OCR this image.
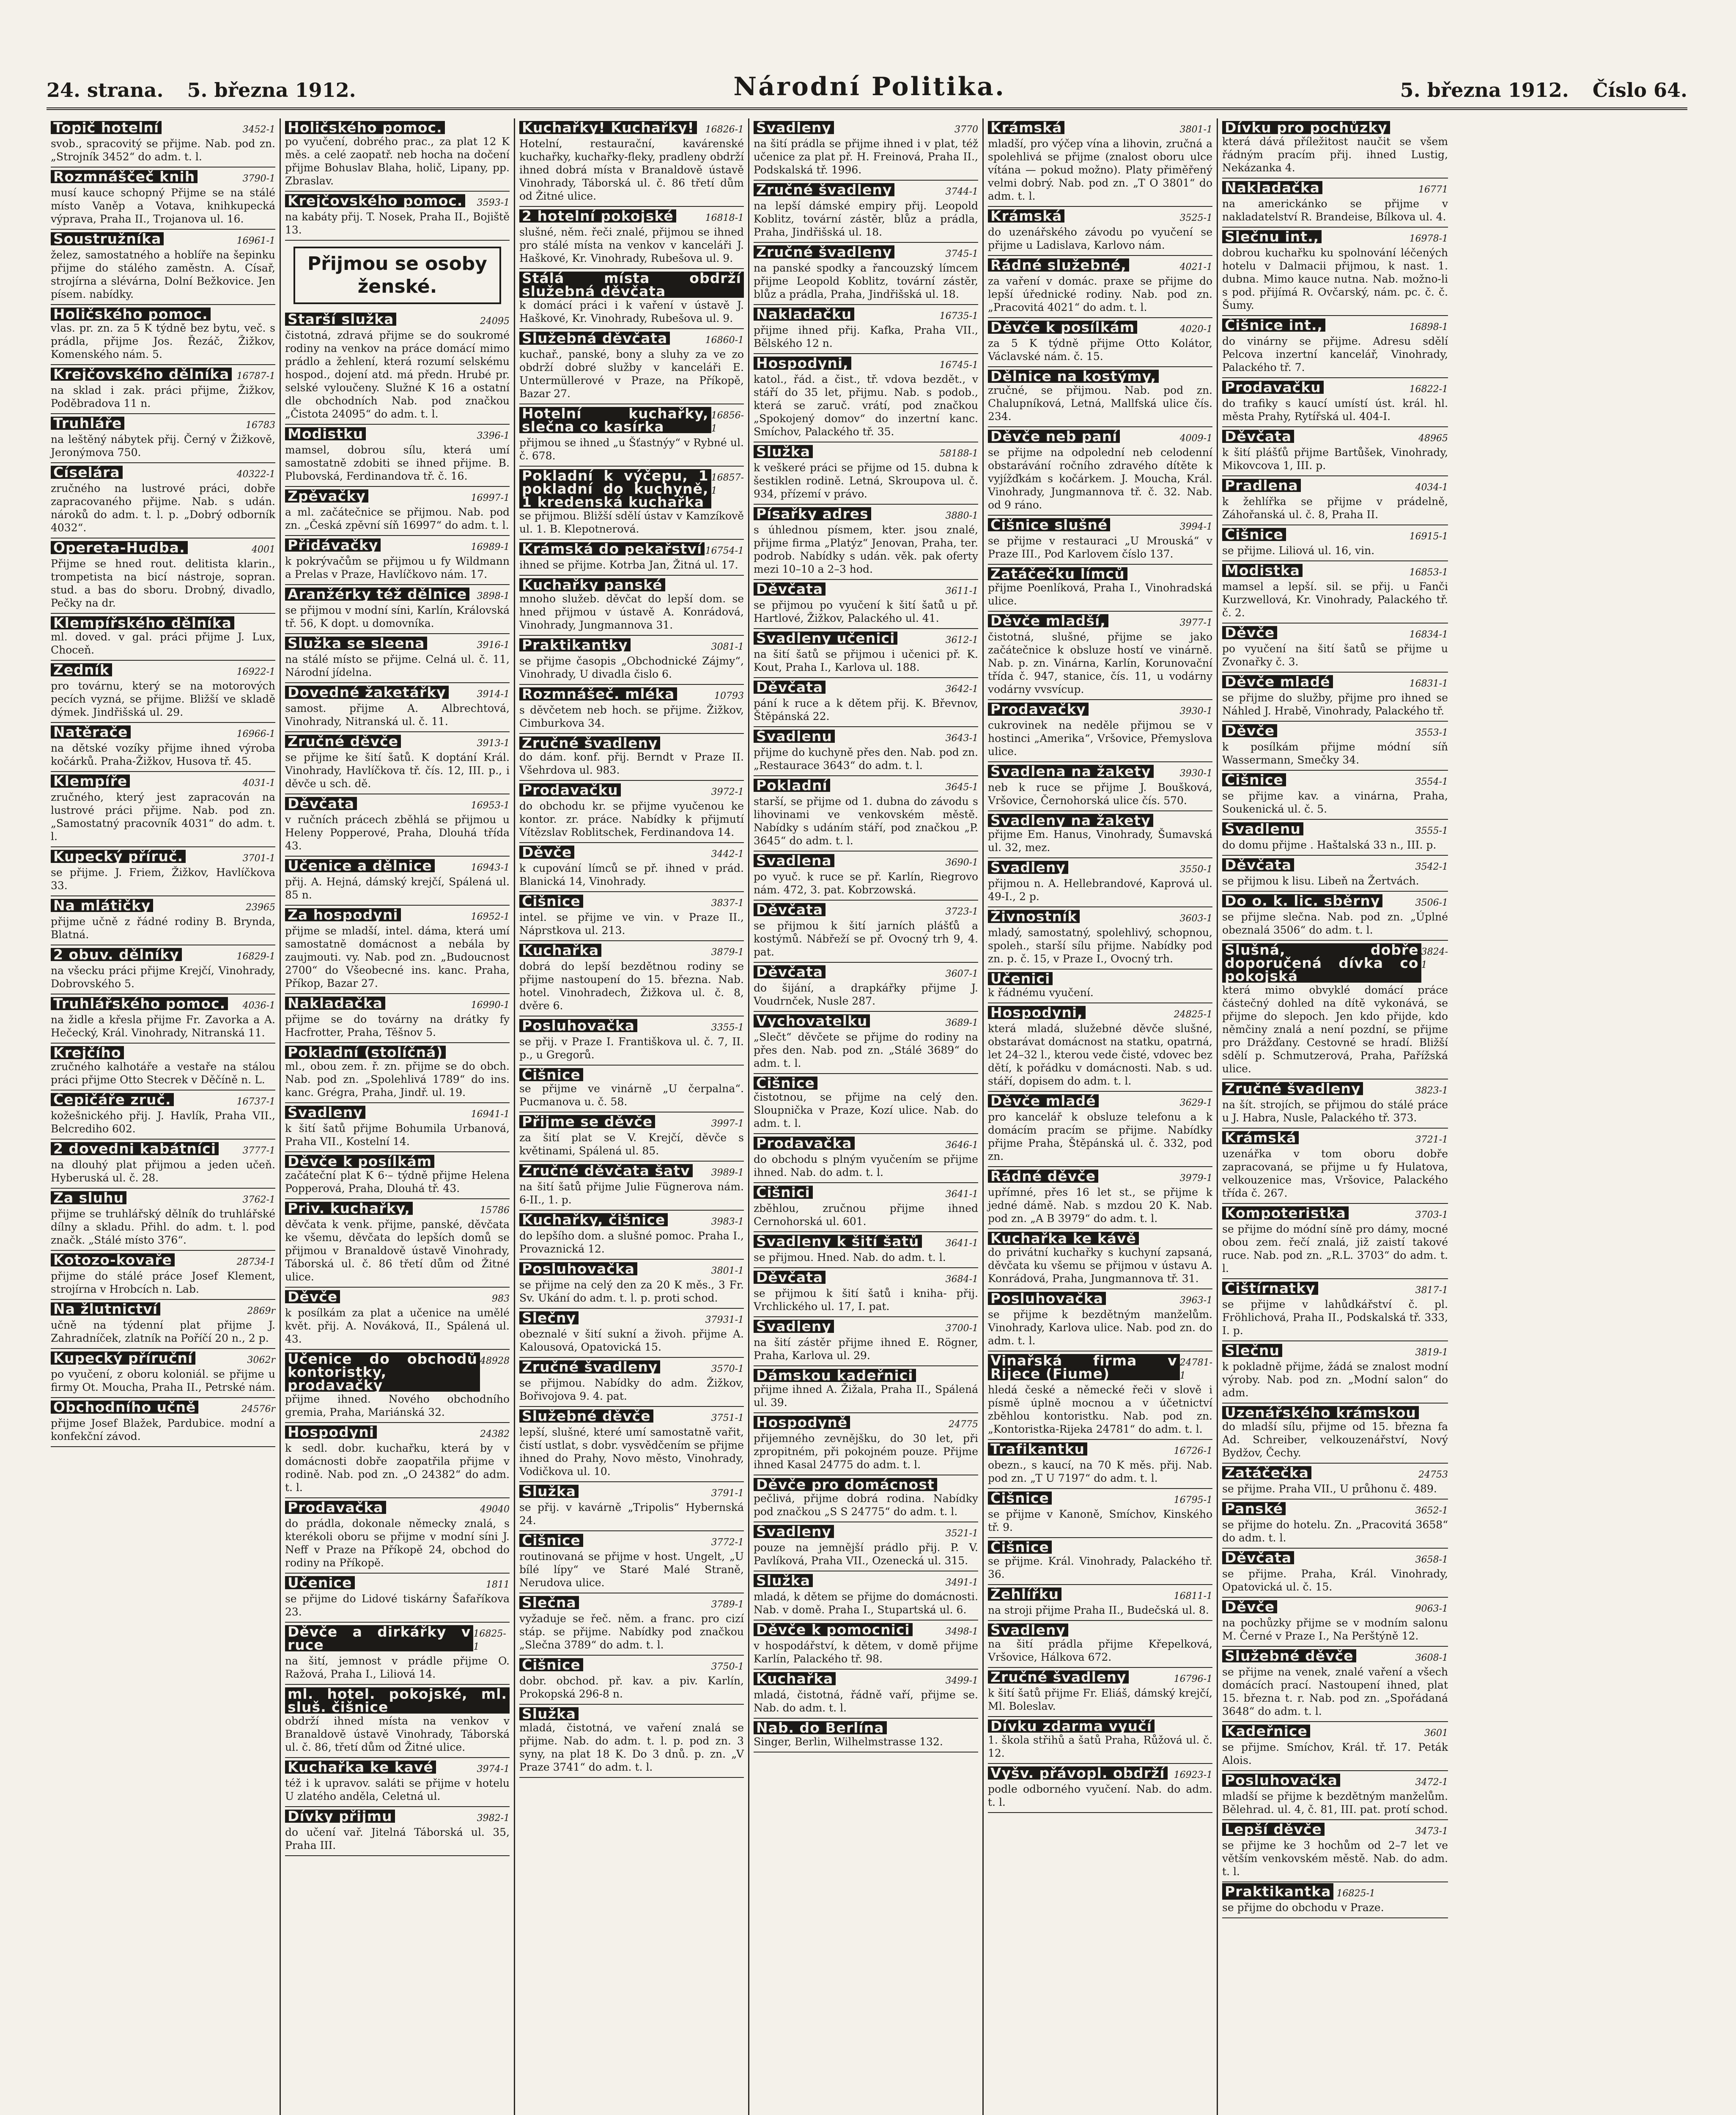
24. strana. 5. března 1912.	Národní Politika.	5. března 1912. Číslo 64.
Topič hotelní	3452-1
svob., spracovitý se přijme. Nab. pod zn. „Strojník 3452“ do adm. t. l.
Rozmnáščeč knih	3790-1
musí kauce schopný Přijme se na stálé místo Vaněp a Votava, knihkupecká výprava, Praha II., Trojanova ul. 16.
Soustružníka	16961-1
želez, samostatného a hoblíře na šepinku přijme do stálého zaměstn. A. Císař, strojírna a slévárna, Dolní Bežkovice. Jen písem. nabídky.
Holičského pomoc.
vlas. pr. zn. za 5 K týdně bez bytu, več. s prádla, přijme Jos. Řezáč, Žižkov, Komenského nám. 5.
Krejčovského dělníka 16787-1
na sklad i zak. práci přijme, Žižkov, Poděbradova 11 n.
Truhláře	16783
na leštěný nábytek přij. Černý v Žižkově, Jeronýmova 750.
Císelára	40322-1
zručného na lustrové práci, dobře zapracovaného přijme. Nab. s udán. nároků do adm. t. l. p. „Dobrý odborník 4032“.
Opereta-Hudba.	4001
Přijme se hned rout. delitista klarin., trompetista na bicí nástroje, sopran. stud. a bas do sboru. Drobný, divadlo, Pečky na dr.
Klempířského dělníka
ml. doved. v gal. práci přijme J. Lux, Choceň.
Zedník	16922-1
pro továrnu, který se na motorových pecích vyzná, se přijme. Bližší ve skladě dýmek. Jindřišská ul. 29.
Natěrače	16966-1
na dětské vozíky přijme ihned výroba kočárků. Praha-Žižkov, Husova tř. 45.
Klempíře	4031-1
zručného, který jest zapracován na lustrové práci přijme. Nab. pod zn. „Samostatný pracovník 4031“ do adm. t. l.
Kupecký příruč.	3701-1
se přijme. J. Friem, Žižkov, Havlíčkova 33.
Na mlátičky	23965
přijme učně z řádné rodiny B. Brynda, Blatná.
2 obuv. dělníky	16829-1
na všecku práci přijme Krejčí, Vinohrady, Dobrovského 5.
Truhlářského pomoc. 4036-1
na židle a křesla přijme Fr. Zavorka a A. Hečecký, Král. Vinohrady, Nitranská 11.
Krejčího
zručného kalhotáře a vestaře na stálou práci přijme Otto Stecrek v Děčíně n. L.
Čepičáře zruč.	16737-1
kožešnického přij. J. Havlík, Praha VII., Belcrediho 602.
2 dovedni kabátníci	3777-1
na dlouhý plat přijmou a jeden učeň. Hyberuská ul. č. 28.
Za sluhu	3762-1
přijme se truhlářský dělník do truhlářské dílny a skladu. Přihl. do adm. t. l. pod značk. „Stálé místo 376“.
Kotozo-kovaře	28734-1
přijme do stálé práce Josef Klement, strojírna v Hrobcích n. Lab.
Na žlutnictví	2869r
učně na týdenní plat přijme J. Zahradníček, zlatník na Poříčí 20 n., 2 p.
Kupecký příruční	3062r
po vyučení, z oboru koloniál. se přijme u firmy Ot. Moucha, Praha II., Petrské nám.
Obchodního učně	24576r
přijme Josef Blažek, Pardubice. modní a konfekční závod.
Holičského pomoc.
po vyučení, dobrého prac., za plat 12 K měs. a celé zaopatř. neb hocha na dočení přijme Bohuslav Blaha, holič, Lipany, pp. Zbraslav.
Krejčovského pomoc. 3593-1
na kabáty přij. T. Nosek, Praha II., Bojiště 13.
Přijmou se osoby ženské.
Starší služka	24095
čistotná, zdravá přijme se do soukromé rodiny na venkov na práce domácí mimo prádlo a žehlení, která rozumí selskému hospod., dojení atd. má předn. Hrubé pr. selské vyloučeny. Služné K 16 a ostatní dle obchodních Nab. pod značkou „Čistota 24095“ do adm. t. l.
Modistku	3396-1
mamsel, dobrou sílu, která umí samostatně zdobiti se ihned přijme. B. Plubovská, Ferdinandova tř. č. 16.
Zpěvačky	16997-1
a ml. začátečnice se přijmou. Nab. pod zn. „Česká zpěvní síň 16997“ do adm. t. l.
Přidávačky	16989-1
k pokrývačům se přijmou u fy Wildmann a Prelas v Praze, Havlíčkovo nám. 17.
Aranžérky též dělnice 3898-1
se přijmou v modní síni, Karlín, Královská tř. 56, K dopt. u domovníka.
Služka se sleena	3916-1
na stálé místo se přijme. Celná ul. č. 11, Národní jídelna.
Dovedné žaketářky	3914-1
samost. přijme A. Albrechtová, Vinohrady, Nitranská ul. č. 11.
Zručné děvče	3913-1
se přijme ke šití šatů. K doptání Král. Vinohrady, Havlíčkova tř. čís. 12, III. p., i děvče u sch. dě.
Děvčata	16953-1
v ručních prácech zběhlá se přijmou u Heleny Popperové, Praha, Dlouhá třída 43.
Učenice a dělnice	16943-1
přij. A. Hejná, dámský krejčí, Spálená ul. 85 n.
Za hospodyni	16952-1
přijme se mladší, intel. dáma, která umí samostatně domácnost a nebála by zaujmouti. vy. Nab. pod zn. „Budoucnost 2700“ do Všeobecné ins. kanc. Praha, Příkop, Bazar 27.
Nakladačka	16990-1
přijme se do továrny na drátky fy Hacfrotter, Praha, Těšnov 5.
Pokladní (stolíčná)
ml., obou zem. ř. zn. přijme se do obch. Nab. pod zn. „Spolehlivá 1789“ do ins. kanc. Grégra, Praha, Jindř. ul. 19.
Švadleny	16941-1
k šití šatů přijme Bohumila Urbanová, Praha VII., Kostelní 14.
Děvče k posílkám
začáteční plat K 6·– týdně přijme Helena Popperová, Praha, Dlouhá tř. 43.
Priv. kuchařky,	15786
děvčata k venk. přijme, panské, děvčata ke všemu, děvčata do lepších domů se přijmou v Branaldově ústavě Vinohrady, Táborská ul. č. 86 třetí dům od Žitné ulice.
Děvče	983
k posílkám za plat a učenice na umělé květ. přij. A. Nováková, II., Spálená ul. 43.
Učenice do obchodů kontoristky, prodavačky
48928
přijme ihned. Nového obchodního gremia, Praha, Mariánská 32.
Hospodyni	24382
k sedl. dobr. kuchařku, která by v domácnosti dobře zaopatřila přijme v rodině. Nab. pod zn. „O 24382“ do adm. t. l.
Prodavačka	49040
do prádla, dokonale německy znalá, s kterékoli oboru se přijme v modní síni J. Neff v Praze na Příkopě 24, obchod do rodiny na Příkopě.
Učenice	1811
se přijme do Lidové tiskárny Šafaříkova 23.
Děvče a dirkářky v ruce
16825-1
na šití, jemnost v prádle přijme O. Ražová, Praha I., Liliová 14.
ml. hotel. pokojské, ml. sluš. čišnice
obdrží ihned místa na venkov v Branaldově ústavě Vinohrady, Táborská ul. č. 86, třetí dům od Žitné ulice.
Kuchařka ke kavé	3974-1
též i k upravov. saláti se přijme v hotelu U zlatého anděla, Celetná ul.
Dívky přijmu	3982-1
do učení vař. Jitelná Táborská ul. 35, Praha III.
Kuchařky! Kuchařky! 16826-1
Hotelní, restaurační, kavárenské kuchařky, kuchařky-fleky, pradleny obdrží ihned dobrá místa v Branaldově ústavě Vinohrady, Táborská ul. č. 86 třetí dům od Žitné ulice.
2 hotelní pokojské	16818-1
slušné, něm. řeči znalé, přijmou se ihned pro stálé místa na venkov v kanceláři J. Haškové, Kr. Vinohrady, Rubešova ul. 9.
Stálá místa obdrží služebná děvčata
k domácí práci i k vaření v ústavě J. Haškové, Kr. Vinohrady, Rubešova ul. 9.
Služebná děvčata	16860-1
kuchař., panské, bony a sluhy za ve zo obdrží dobré služby v kanceláři E. Untermüllerové v Praze, na Příkopě, Bazar 27.
Hotelní kuchařky, slečna co kasírka
16856-1
přijmou se ihned „u Šťastnýy“ v Rybné ul. č. 678.
Pokladní k výčepu, 1 pokladní do kuchyně, 1 kredenská kuchařka
16857-1
se přijmou. Bližší sdělí ústav v Kamzíkově ul. 1. B. Klepotnerová.
Krámská do pekařství 16754-1
ihned se přijme. Kotrba Jan, Žitná ul. 17.
Kuchařky panské
mnoho služeb. děvčat do lepší dom. se hned přijmou v ústavě A. Konrádová, Vinohrady, Jungmannova 31.
Praktikantky	3081-1
se přijme časopis „Obchodnické Zájmy“, Vinohrady, U divadla čislo 6.
Rozmnášeč. mléka	10793
s děvčetem neb hoch. se přijme. Žižkov, Cimburkova 34.
Zručné švadleny
do dám. konf. přij. Berndt v Praze II. Všehrdova ul. 983.
Prodavačku	3972-1
do obchodu kr. se přijme vyučenou ke kontor. zr. práce. Nabídky k přijmutí Vítězslav Roblitschek, Ferdinandova 14.
Děvče	3442-1
k cupování límců se př. ihned v prád. Blanická 14, Vinohrady.
Čišnice	3837-1
intel. se přijme ve vin. v Praze II., Náprstkova ul. 213.
Kuchařka	3879-1
dobrá do lepší bezdětnou rodiny se přijme nastoupení do 15. března. Nab. hotel. Vinohradech, Žižkova ul. č. 8, dvěre 6.
Posluhovačka	3355-1
se přij. v Praze I. Františkova ul. č. 7, II. p., u Gregorů.
Čišnice
se přijme ve vinárně „U čerpalna“. Pucmanova u. č. 58.
Přijme se děvče	3997-1
za šití plat se V. Krejčí, děvče s květinami, Spálená ul. 85.
Zručné děvčata šatv 3989-1
na šití šatů přijme Julie Fügnerova nám. 6-II., 1. p.
Kuchařky, čišnice	3983-1
do lepšího dom. a slušné pomoc. Praha I., Provaznická 12.
Posluhovačka	3801-1
se přijme na celý den za 20 K měs., 3 Fr. Sv. Ukání do adm. t. l. p. proti schod.
Slečny	37931-1
obeznalé v šití sukní a živoh. přijme A. Kalousová, Opatovická 15.
Zručné švadleny	3570-1
se přijmou. Nabídky do adm. Žižkov, Bořivojova 9. 4. pat.
Služebné děvče	3751-1
lepší, slušné, které umí samostatně vařit, čistí ustlat, s dobr. vysvědčením se přijme ihned do Prahy, Novo město, Vinohrady, Vodičkova ul. 10.
Služka	3791-1
se přij. v kavárně „Tripolis“ Hybernská 24.
Čišnice	3772-1
routinovaná se přijme v host. Ungelt, „U bílé lípy“ ve Staré Malé Straně, Nerudova ulice.
Slečna	3789-1
vyžaduje se řeč. něm. a franc. pro cizí stáp. se přijme. Nabídky pod značkou „Slečna 3789“ do adm. t. l.
Čišnice	3750-1
dobr. obchod. př. kav. a piv. Karlín, Prokopská 296-8 n.
Služka
mladá, čistotná, ve vaření znalá se přijme. Nab. do adm. t. l. p. pod zn. 3 syny, na plat 18 K. Do 3 dnů. p. zn. „V Praze 3741“ do adm. t. l.
Švadleny	3770
na šití prádla se přijme ihned i v plat, též učenice za plat př. H. Freinová, Praha II., Podskalská tř. 1996.
Zručné švadleny	3744-1
na lepší dámské empiry přij. Leopold Koblitz, tovární zástěr, blůz a prádla, Praha, Jindřišská ul. 18.
Zručné švadleny	3745-1
na panské spodky a řancouzský límcem přijme Leopold Koblitz, tovární zástěr, blůz a prádla, Praha, Jindřišská ul. 18.
Nakladačku	16735-1
přijme ihned přij. Kafka, Praha VII., Bělského 12 n.
Hospodyni,	16745-1
katol., řád. a čist., tř. vdova bezdět., v stáří do 35 let, přijmu. Nab. s podob., která se zaruč. vrátí, pod značkou „Spokojený domov“ do inzertní kanc. Smíchov, Palackého tř. 35.
Služka	58188-1
k veškeré práci se přijme od 15. dubna k šestiklen rodině. Letná, Skroupova ul. č. 934, přízemí v právo.
Písařky adres	3880-1
s úhlednou písmem, kter. jsou znalé, přijme firma „Platýz“ Jenovan, Praha, ter. podrob. Nabídky s udán. věk. pak oferty mezi 10–10 a 2–3 hod.
Děvčata	3611-1
se přijmou po vyučení k šití šatů u př. Hartlové, Žižkov, Palackého ul. 41.
Švadleny učenici	3612-1
na šití šatů se přijmou i učenici př. K. Kout, Praha I., Karlova ul. 188.
Děvčata	3642-1
pání k ruce a k dětem přij. K. Břevnov, Štěpánská 22.
Švadlenu	3643-1
přijme do kuchyně přes den. Nab. pod zn. „Restaurace 3643“ do adm. t. l.
Pokladní	3645-1
starší, se přijme od 1. dubna do závodu s lihovinami ve venkovském městě. Nabídky s udáním stáří, pod značkou „P. 3645“ do adm. t. l.
Švadlena	3690-1
po vyuč. k ruce se př. Karlín, Riegrovo nám. 472, 3. pat. Kobrzowská.
Děvčata	3723-1
se přijmou k šití jarních plášťů a kostýmů. Nábřeží se př. Ovocný trh 9, 4. pat.
Děvčata	3607-1
do šijání, a drapkářky přijme J. Voudrnček, Nusle 287.
Vychovatelku	3689-1
„Slečt“ děvčete se přijme do rodiny na přes den. Nab. pod zn. „Stálé 3689“ do adm. t. l.
Čišnice
čistotnou, se přijme na celý den. Sloupnička v Praze, Kozí ulice. Nab. do adm. t. l.
Prodavačka	3646-1
do obchodu s plným vyučením se přijme ihned. Nab. do adm. t. l.
Čišnici	3641-1
zběhlou, zručnou přijme ihned Cernohorská ul. 601.
Švadleny k šití šatů	3641-1
se přijmou. Hned. Nab. do adm. t. l.
Děvčata	3684-1
se přijmou k šití šatů i kniha- přij. Vrchlického ul. 17, I. pat.
Švadleny	3700-1
na šití zástěr přijme ihned E. Rögner, Praha, Karlova ul. 29.
Dámskou kadeřnici
přijme ihned A. Žižala, Praha II., Spálená ul. 39.
Hospodyně	24775
přijemného zevnějšku, do 30 let, při zpropitném, při pokojném pouze. Přijme ihned Kasal 24775 do adm. t. l.
Děvče pro domácnost
pečlivá, přijme dobrá rodina. Nabídky pod značkou „S S 24775“ do adm. t. l.
Švadleny	3521-1
pouze na jemnější prádlo přij. P. V. Pavlíková, Praha VII., Ozenecká ul. 315.
Služka	3491-1
mladá, k dětem se přijme do domácnosti. Nab. v domě. Praha I., Stupartská ul. 6.
Děvče k pomocnici	3498-1
v hospodářství, k dětem, v domě přijme Karlín, Palackého tř. 98.
Kuchařka	3499-1
mladá, čistotná, řádně vaří, přijme se. Nab. do adm. t. l.
Nab. do Berlína
Singer, Berlin, Wilhelmstrasse 132.
Krámská	3801-1
mladší, pro výčep vína a lihovin, zručná a spolehlivá se přijme (znalost oboru ulce vítána — pokud možno). Platy přiměřený velmi dobrý. Nab. pod zn. „T O 3801“ do adm. t. l.
Krámská	3525-1
do uzenářského závodu po vyučení se přijme u Ladislava, Karlovo nám.
Řádné služebné,	4021-1
za vaření v domác. praxe se přijme do lepší úřednické rodiny. Nab. pod zn. „Pracovitá 4021“ do adm. t. l.
Děvče k posílkám	4020-1
za 5 K týdně přijme Otto Kolátor, Václavské nám. č. 15.
Dělnice na kostýmy,
zručné, se přijmou. Nab. pod zn. Chalupníková, Letná, Mallfská ulice čís. 234.
Děvče neb paní	4009-1
se přijme na odpolední neb celodenní obstarávání ročního zdravého dítěte k vyjížďkám s kočárkem. J. Moucha, Král. Vinohrady, Jungmannova tř. č. 32. Nab. od 9 ráno.
Čišnice slušné	3994-1
se přijme v restauraci „U Mrouská“ v Praze III., Pod Karlovem číslo 137.
Zatáčečku límců
přijme Poenlíková, Praha I., Vinohradská ulice.
Děvče mladší,	3977-1
čistotná, slušné, přijme se jako začátečnice k obsluze hostí ve vinárně. Nab. p. zn. Vinárna, Karlín, Korunovační třída č. 947, stanice, čís. 11, u vodárny vodárny vvsvícup.
Prodavačky	3930-1
cukrovinek na neděle přijmou se v hostinci „Amerika“, Vršovice, Přemyslova ulice.
Švadlena na žakety	3930-1
neb k ruce se přijme J. Boušková, Vršovice, Černohorská ulice čís. 570.
Švadleny na žakety
přijme Em. Hanus, Vinohrady, Šumavská ul. 32, mez.
Švadleny	3550-1
přijmou n. A. Hellebrandové, Kaprová ul. 49-I., 2 p.
Živnostník	3603-1
mladý, samostatný, spolehlivý, schopnou, spoleh., starší sílu přijme. Nabídky pod zn. p. č. 15, v Praze I., Ovocný trh.
Učenici
k řádnému vyučení.
Hospodyni,	24825-1
která mladá, služebné děvče slušné, obstarávat domácnost na statku, opatrná, let 24–32 l., kterou vede čisté, vdovec bez dětí, k pořádku v domácnosti. Nab. s ud. stáří, dopisem do adm. t. l.
Děvče mladé	3629-1
pro kancelář k obsluze telefonu a k domácím pracím se přijme. Nabídky přijme Praha, Štěpánská ul. č. 332, pod zn.
Řádné děvče	3979-1
upřímné, přes 16 let st., se přijme k jedné dámě. Nab. s mzdou 20 K. Nab. pod zn. „A B 3979“ do adm. t. l.
Kuchařka ke kávě
do privátní kuchařky s kuchyní zapsaná, děvčata ku všemu se přijmou v ústavu A. Konrádová, Praha, Jungmannova tř. 31.
Posluhovačka	3963-1
se přijme k bezdětným manželům. Vinohrady, Karlova ulice. Nab. pod zn. do adm. t. l.
Vinařská firma v Rijece (Fiume)
24781-1
hledá české a německé řeči v slově i písmě úplně mocnou a v účetnictví zběhlou kontoristku. Nab. pod zn. „Kontoristka-Rijeka 24781“ do adm. t. l.
Trafikantku	16726-1
obezn., s kaucí, na 70 K měs. přij. Nab. pod zn. „T U 7197“ do adm. t. l.
Čišnice	16795-1
se přijme v Kanoně, Smíchov, Kinského tř. 9.
Čišnice
se přijme. Král. Vinohrady, Palackého tř. 36.
Žehlířku	16811-1
na stroji přijme Praha II., Budečská ul. 8.
Švadleny
na šití prádla přijme Křepelková, Vršovice, Hálkova 672.
Zručné švadleny	16796-1
k šití šatů přijme Fr. Eliáš, dámský krejčí, Ml. Boleslav.
Dívku zdarma vyučí
1. škola střihů a šatů Praha, Růžová ul. č. 12.
Vyšv. přávopl. obdrží 16923-1
podle odborného vyučení. Nab. do adm. t. l.
Dívku pro pochůzky
která dává příležitost naučit se všem řádným pracím přij. ihned Lustig, Nekázanka 4.
Nakladačka	16771
na americkánko se přijme v nakladatelství R. Brandeise, Bílkova ul. 4.
Slečnu int.,	16978-1
dobrou kuchařku ku spolnování léčených hotelu v Dalmacii přijmou, k nast. 1. dubna. Mimo kauce nutna. Nab. možno-li s pod. přijímá R. Ovčarský, nám. pc. č. č. Šumy.
Čišnice int.,	16898-1
do vinárny se přijme. Adresu sdělí Pelcova inzertní kancelář, Vinohrady, Palackého tř. 7.
Prodavačku	16822-1
do trafiky s kaucí umístí úst. král. hl. města Prahy, Rytířská ul. 404-I.
Děvčata	48965
k šití plášťů přijme Bartůšek, Vinohrady, Mikovcova 1, III. p.
Pradlena	4034-1
k žehlířka se přijme v prádelně, Záhořanská ul. č. 8, Praha II.
Čišnice	16915-1
se přijme. Liliová ul. 16, vin.
Modistka	16853-1
mamsel a lepší. sil. se přij. u Fanči Kurzwellová, Kr. Vinohrady, Palackého tř. č. 2.
Děvče	16834-1
po vyučení na šití šatů se přijme u Zvonařky č. 3.
Děvče mladé	16831-1
se přijme do služby, přijme pro ihned se Náhled J. Hrabě, Vinohrady, Palackého tř.
Děvče	3553-1
k posílkám přijme módní síň Wassermann, Smečky 34.
Čišnice	3554-1
se přijme kav. a vinárna, Praha, Soukenická ul. č. 5.
Švadlenu	3555-1
do domu přijme . Haštalská 33 n., III. p.
Děvčata	3542-1
se přijmou k lisu. Libeň na Žertvách.
Do o. k. lic. sběrny	3506-1
se přijme slečna. Nab. pod zn. „Úplné obeznalá 3506“ do adm. t. l.
Slušná, dobře doporučená dívka co pokojská
3824-1
která mimo obvyklé domácí práce částečný dohled na dítě vykonává, se přijme do slepoch. Jen kdo přijde, kdo němčiny znalá a není pozdní, se přijme pro Drážďany. Cestovné se hradí. Bližší sdělí p. Schmutzerová, Praha, Pařížská ulice.
Zručné švadleny	3823-1
na šít. strojích, se přijmou do stálé práce u J. Habra, Nusle, Palackého tř. 373.
Krámská	3721-1
uzenářka v tom oboru dobře zapracovaná, se přijme u fy Hulatova, velkouzenice mas, Vršovice, Palackého třída č. 267.
Kompoteristka	3703-1
se přijme do módní síně pro dámy, mocné obou zem. řečí znalá, již zaistí takové ruce. Nab. pod zn. „R.L. 3703“ do adm. t. l.
Čištírnatky	3817-1
se přijme v lahůdkářství č. pl. Fröhlichová, Praha II., Podskalská tř. 333, I. p.
Slečnu	3819-1
k pokladně přijme, žádá se znalost modní výroby. Nab. pod zn. „Modní salon“ do adm.
Uzenářského krámskou
do mladší sílu, přijme od 15. března fa Ad. Schreiber, velkouzenářství, Nový Bydžov, Čechy.
Zatáčečka	24753
se přijme. Praha VII., U průhonu č. 489.
Panské	3652-1
se přijme do hotelu. Zn. „Pracovitá 3658“ do adm. t. l.
Děvčata	3658-1
se přijme. Praha, Král. Vinohrady, Opatovická ul. č. 15.
Děvče	9063-1
na pochůzky přijme se v modním salonu M. Černé v Praze I., Na Perštýně 12.
Služebné děvče	3608-1
se přijme na venek, znalé vaření a všech domácích prací. Nastoupení ihned, plat 15. března t. r. Nab. pod zn. „Spořádaná 3648“ do adm. t. l.
Kadeřnice	3601
se přijme. Smíchov, Král. tř. 17. Peták Alois.
Posluhovačka	3472-1
mladší se přijme k bezdětným manželům. Bělehrad. ul. 4, č. 81, III. pat. protí schod.
Lepší děvče	3473-1
se přijme ke 3 hochům od 2–7 let ve větším venkovském městě. Nab. do adm. t. l.
Praktikantka 16825-1
se přijme do obchodu v Praze.
